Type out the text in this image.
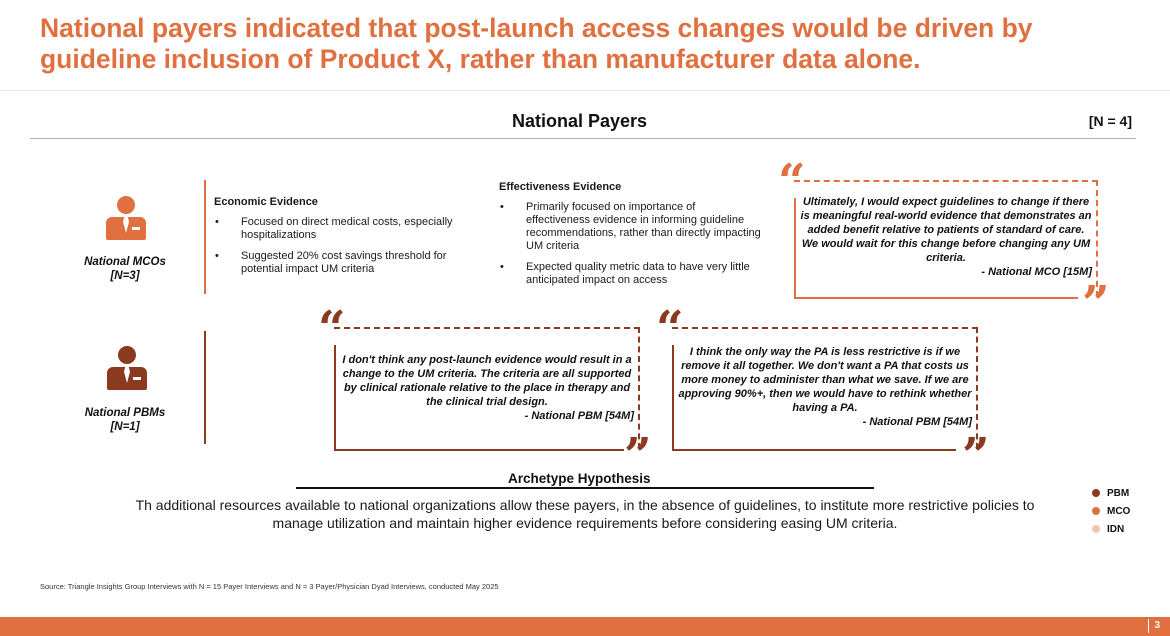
National payers indicated that post-launch access changes would be driven by guideline inclusion of Product X, rather than manufacturer data alone.
National Payers	[N = 4]
National MCOs
[N=3]
Economic Evidence
• Focused on direct medical costs, especially hospitalizations
• Suggested 20% cost savings threshold for potential impact UM criteria
Effectiveness Evidence
• Primarily focused on importance of effectiveness evidence in informing guideline recommendations, rather than directly impacting UM criteria
• Expected quality metric data to have very little anticipated impact on access
“
”
Ultimately, I would expect guidelines to change if there is meaningful real-world evidence that demonstrates an added benefit relative to patients of standard of care. We would wait for this change before changing any UM criteria.
- National MCO [15M]
National PBMs
[N=1]
“
”
I don't think any post-launch evidence would result in a change to the UM criteria. The criteria are all supported by clinical rationale relative to the place in therapy and the clinical trial design.
- National PBM [54M]
“
”
I think the only way the PA is less restrictive is if we remove it all together. We don't want a PA that costs us more money to administer than what we save. If we are approving 90%+, then we would have to rethink whether having a PA.
- National PBM [54M]
Archetype Hypothesis
Th additional resources available to national organizations allow these payers, in the absence of guidelines, to institute more restrictive policies to manage utilization and maintain higher evidence requirements before considering easing UM criteria.
PBM
MCO
IDN
Source: Triangle Insights Group Interviews with N = 15 Payer Interviews and N = 3 Payer/Physician Dyad Interviews, conducted May 2025
3
